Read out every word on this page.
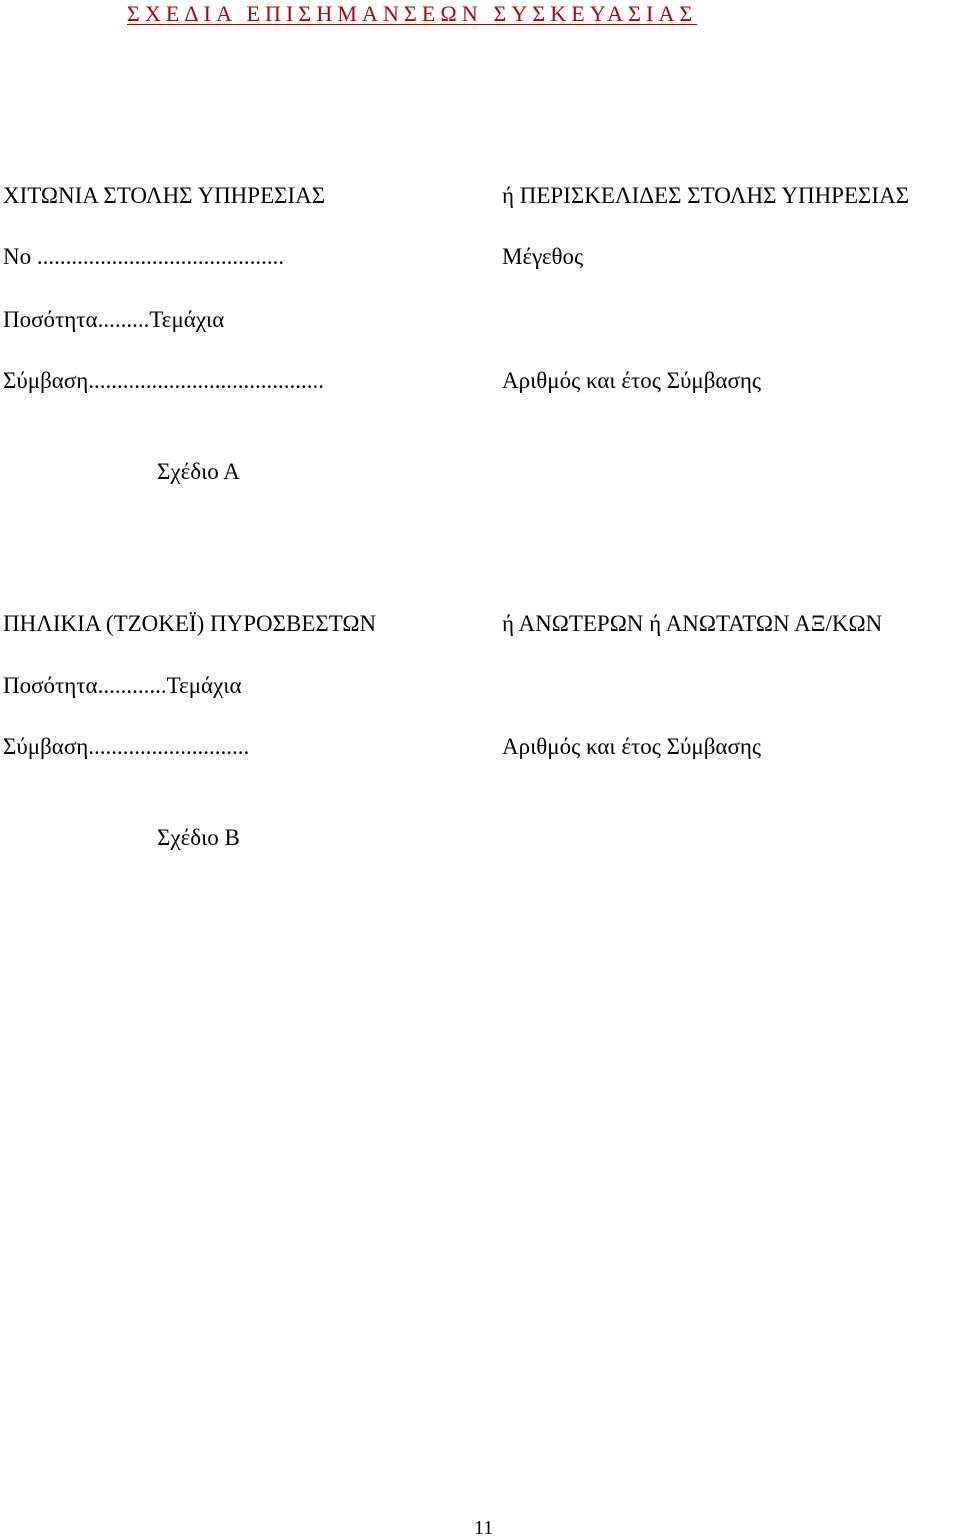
ΣΧΕΔΙΑ ΕΠΙΣΗΜΑΝΣΕΩΝ ΣΥΣΚΕΥΑΣΙΑΣ
ΧΙΤΩΝΙΑ ΣΤΟΛΗΣ ΥΠΗΡΕΣΙΑΣ	ή ΠΕΡΙΣΚΕΛΙΔΕΣ ΣΤΟΛΗΣ ΥΠΗΡΕΣΙΑΣ
Νο ...........................................	Μέγεθος
Ποσότητα.........Τεμάχια
Σύμβαση.........................................	Αριθμός και έτος Σύμβασης
Σχέδιο Α
ΠΗΛΙΚΙΑ (ΤΖΟΚΕΪ) ΠΥΡΟΣΒΕΣΤΩΝ	ή ΑΝΩΤΕΡΩΝ ή ΑΝΩΤΑΤΩΝ ΑΞ/ΚΩΝ
Ποσότητα............Τεμάχια
Σύμβαση............................	Αριθμός και έτος Σύμβασης
Σχέδιο Β
11
